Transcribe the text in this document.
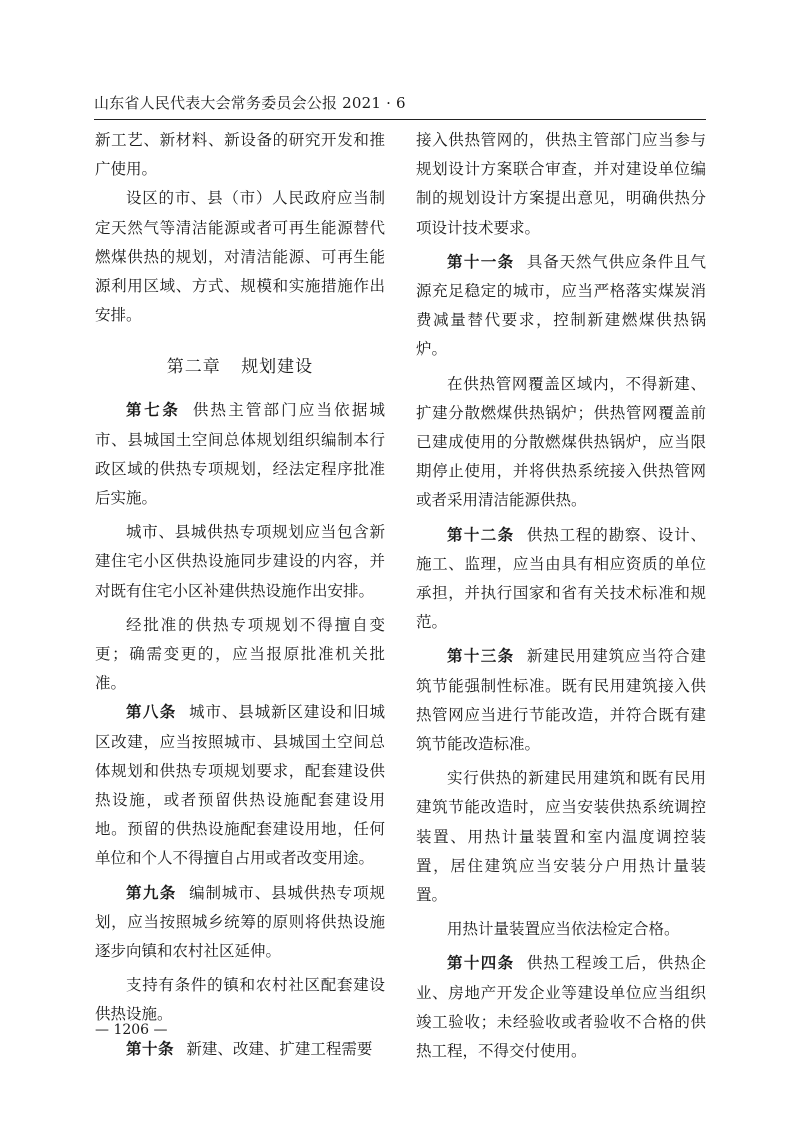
山东省人民代表大会常务委员会公报 2021 · 6

新工艺、新材料、新设备的研究开发和推广使用。

设区的市、县（市）人民政府应当制定天然气等清洁能源或者可再生能源替代燃煤供热的规划，对清洁能源、可再生能源利用区域、方式、规模和实施措施作出安排。

第二章 规划建设

第七条 供热主管部门应当依据城市、县城国土空间总体规划组织编制本行政区域的供热专项规划，经法定程序批准后实施。

城市、县城供热专项规划应当包含新建住宅小区供热设施同步建设的内容，并对既有住宅小区补建供热设施作出安排。

经批准的供热专项规划不得擅自变更；确需变更的，应当报原批准机关批准。

第八条 城市、县城新区建设和旧城区改建，应当按照城市、县城国土空间总体规划和供热专项规划要求，配套建设供热设施，或者预留供热设施配套建设用地。预留的供热设施配套建设用地，任何单位和个人不得擅自占用或者改变用途。

第九条 编制城市、县城供热专项规划，应当按照城乡统筹的原则将供热设施逐步向镇和农村社区延伸。

支持有条件的镇和农村社区配套建设供热设施。

第十条 新建、改建、扩建工程需要

接入供热管网的，供热主管部门应当参与规划设计方案联合审查，并对建设单位编制的规划设计方案提出意见，明确供热分项设计技术要求。

第十一条 具备天然气供应条件且气源充足稳定的城市，应当严格落实煤炭消费减量替代要求，控制新建燃煤供热锅炉。

在供热管网覆盖区域内，不得新建、扩建分散燃煤供热锅炉；供热管网覆盖前已建成使用的分散燃煤供热锅炉，应当限期停止使用，并将供热系统接入供热管网或者采用清洁能源供热。

第十二条 供热工程的勘察、设计、施工、监理，应当由具有相应资质的单位承担，并执行国家和省有关技术标准和规范。

第十三条 新建民用建筑应当符合建筑节能强制性标准。既有民用建筑接入供热管网应当进行节能改造，并符合既有建筑节能改造标准。

实行供热的新建民用建筑和既有民用建筑节能改造时，应当安装供热系统调控装置、用热计量装置和室内温度调控装置，居住建筑应当安装分户用热计量装置。

用热计量装置应当依法检定合格。

第十四条 供热工程竣工后，供热企业、房地产开发企业等建设单位应当组织竣工验收；未经验收或者验收不合格的供热工程，不得交付使用。

— 1206 —
